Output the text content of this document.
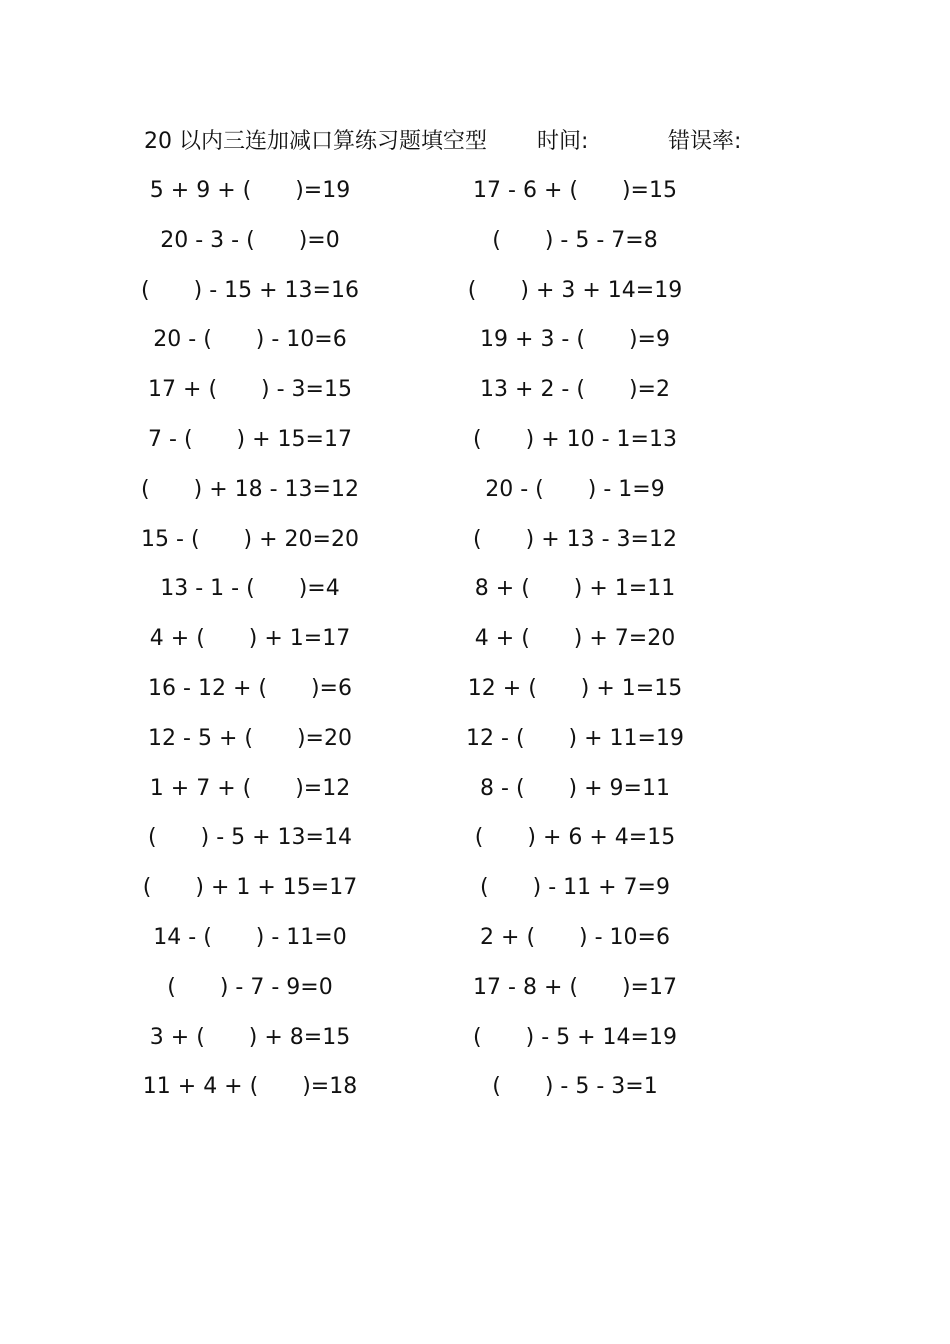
20 以内三连加减口算练习题填空型 时间:	错误率:
5 + 9 + (　　)=19
20 - 3 - (　　)=0
(　　) - 15 + 13=16
20 - (　　) - 10=6
17 + (　　) - 3=15
7 - (　　) + 15=17
(　　) + 18 - 13=12
15 - (　　) + 20=20
13 - 1 - (　　)=4
4 + (　　) + 1=17
16 - 12 + (　　)=6
12 - 5 + (　　)=20
1 + 7 + (　　)=12
(　　) - 5 + 13=14
(　　) + 1 + 15=17
14 - (　　) - 11=0
(　　) - 7 - 9=0
3 + (　　) + 8=15
11 + 4 + (　　)=18
17 - 6 + (　　)=15
(　　) - 5 - 7=8
(　　) + 3 + 14=19
19 + 3 - (　　)=9
13 + 2 - (　　)=2
(　　) + 10 - 1=13
20 - (　　) - 1=9
(　　) + 13 - 3=12
8 + (　　) + 1=11
4 + (　　) + 7=20
12 + (　　) + 1=15
12 - (　　) + 11=19
8 - (　　) + 9=11
(　　) + 6 + 4=15
(　　) - 11 + 7=9
2 + (　　) - 10=6
17 - 8 + (　　)=17
(　　) - 5 + 14=19
(　　) - 5 - 3=1
